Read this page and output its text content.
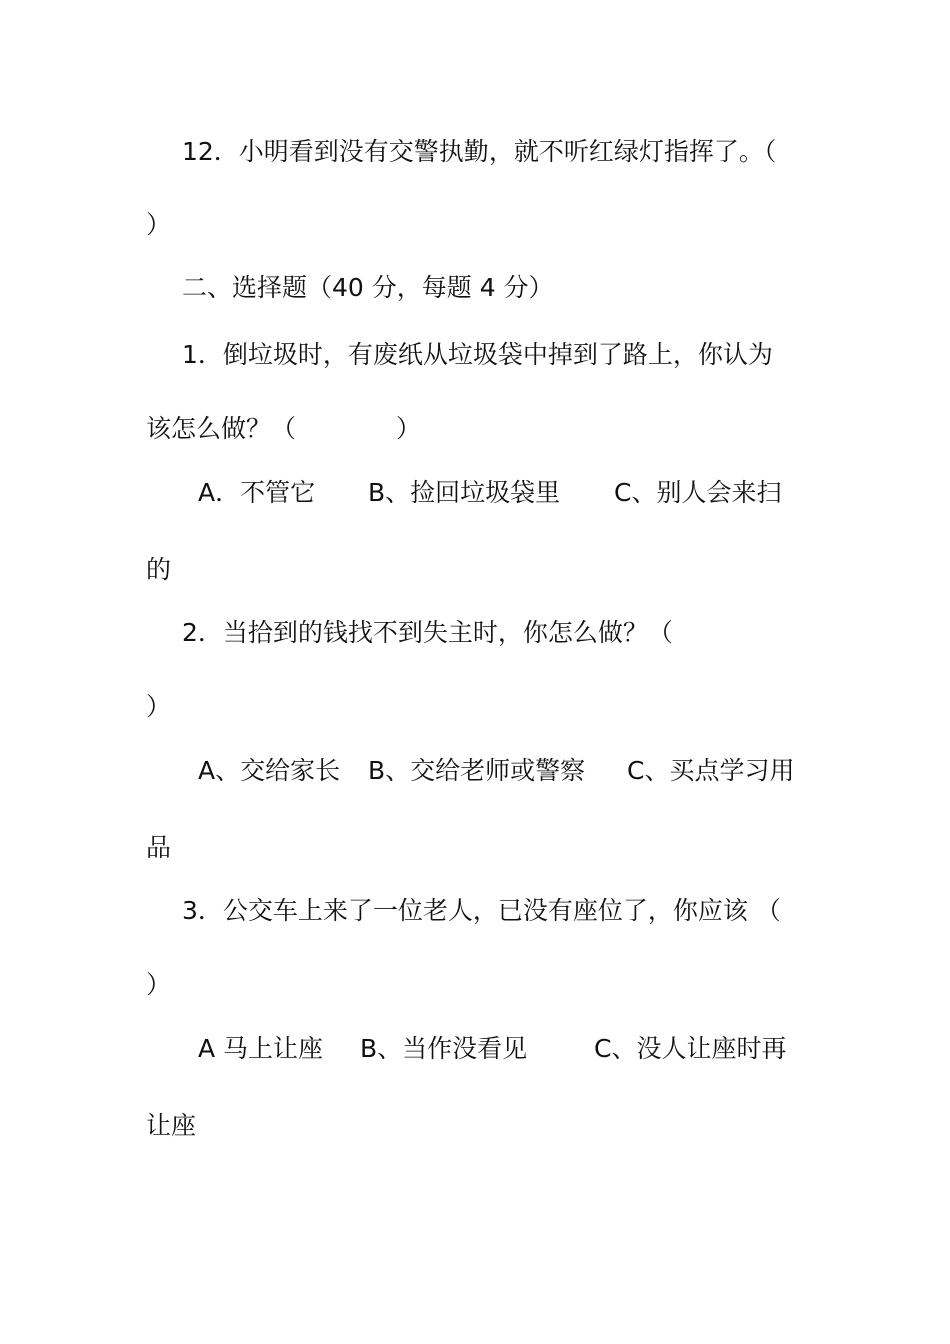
12．小明看到没有交警执勤，就不听红绿灯指挥了。（

）

二、选择题（40 分，每题 4 分）

1．倒垃圾时，有废纸从垃圾袋中掉到了路上，你认为

该怎么做？（　　　　）

A．不管它 B、捡回垃圾袋里 C、别人会来扫

的

2．当拾到的钱找不到失主时，你怎么做？（

）

A、交给家长 B、交给老师或警察 C、买点学习用

品

3．公交车上来了一位老人，已没有座位了，你应该 （

）

A 马上让座 B、当作没看见	C、没人让座时再

让座
